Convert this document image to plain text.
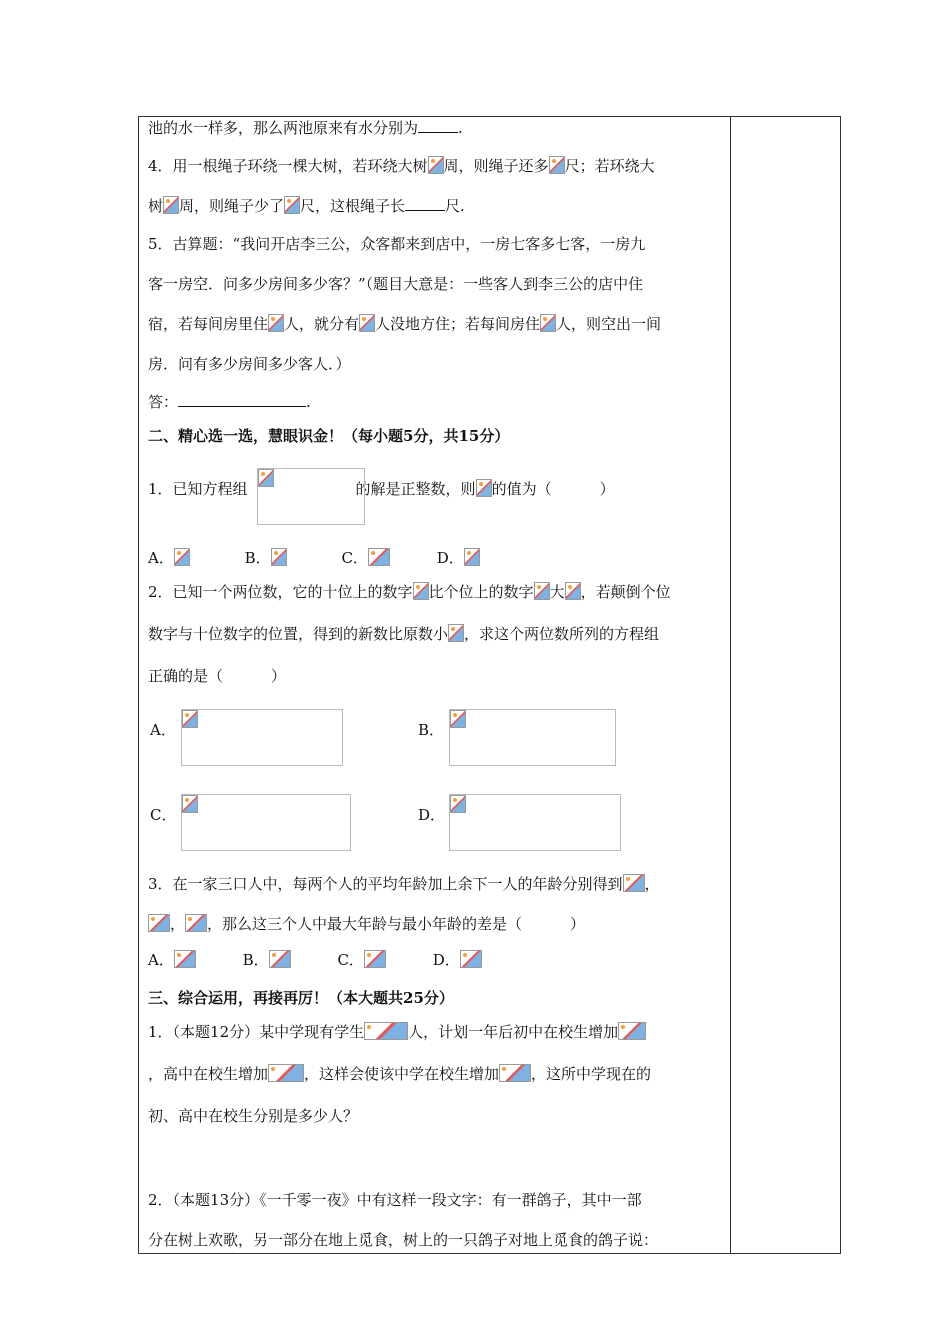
池的水一样多，那么两池原来有水分别为	.
4．用一根绳子环绕一棵大树，若环绕大树 周，则绳子还多 尺；若环绕大
树 周，则绳子少了 尺，这根绳子长	尺.
5．古算题：“我问开店李三公，众客都来到店中，一房七客多七客，一房九
客一房空．问多少房间多少客？”（题目大意是：一些客人到李三公的店中住
宿，若每间房里住 人，就分有 人没地方住；若每间房住 人，则空出一间
房．问有多少房间多少客人．）
答：	.
二、精心选一选，慧眼识金！（每小题5分，共15分）
1．已知方程组	的解是正整数，则 的值为（	）
A．	B．	C．	D．
2．已知一个两位数，它的十位上的数字 比个位上的数字 大 ，若颠倒个位
数字与十位数字的位置，得到的新数比原数小 ，求这个两位数所列的方程组
正确的是（	）
A．	B．
C．	D．
3．在一家三口人中，每两个人的平均年龄加上余下一人的年龄分别得到 ，
， ，那么这三个人中最大年龄与最小年龄的差是（	）
A．	B．	C．	D．
三、综合运用，再接再厉！（本大题共25分）
1．（本题12分）某中学现有学生	人，计划一年后初中在校生增加
，高中在校生增加 ，这样会使该中学在校生增加 ，这所中学现在的
初、高中在校生分别是多少人？
2．（本题13分）《一千零一夜》中有这样一段文字：有一群鸽子，其中一部
分在树上欢歌，另一部分在地上觅食，树上的一只鸽子对地上觅食的鸽子说：
